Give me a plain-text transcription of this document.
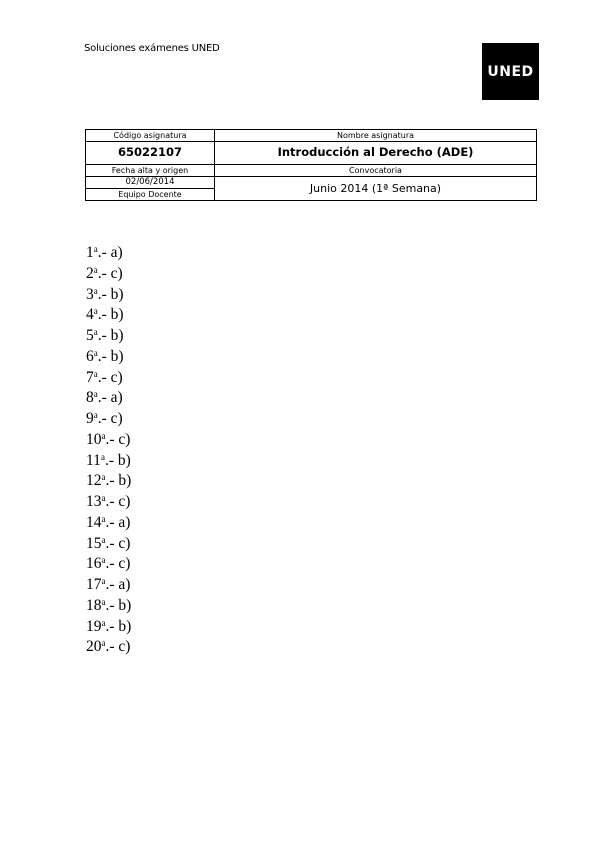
Soluciones exámenes UNED
UNED
Código asignatura	Nombre asignatura
65022107	Introducción al Derecho (ADE)
Fecha alta y origen	Convocatoria
02/06/2014	Junio 2014 (1ª Semana)
Equipo Docente	
1$^a$.- a)
2$^a$.- c)
3$^a$.- b)
4$^a$.- b)
5$^a$.- b)
6$^a$.- b)
7$^a$.- c)
8$^a$.- a)
9$^a$.- c)
10$^a$.- c)
11$^a$.- b)
12$^a$.- b)
13$^a$.- c)
14$^a$.- a)
15$^a$.- c)
16$^a$.- c)
17$^a$.- a)
18$^a$.- b)
19$^a$.- b)
20$^a$.- c)
